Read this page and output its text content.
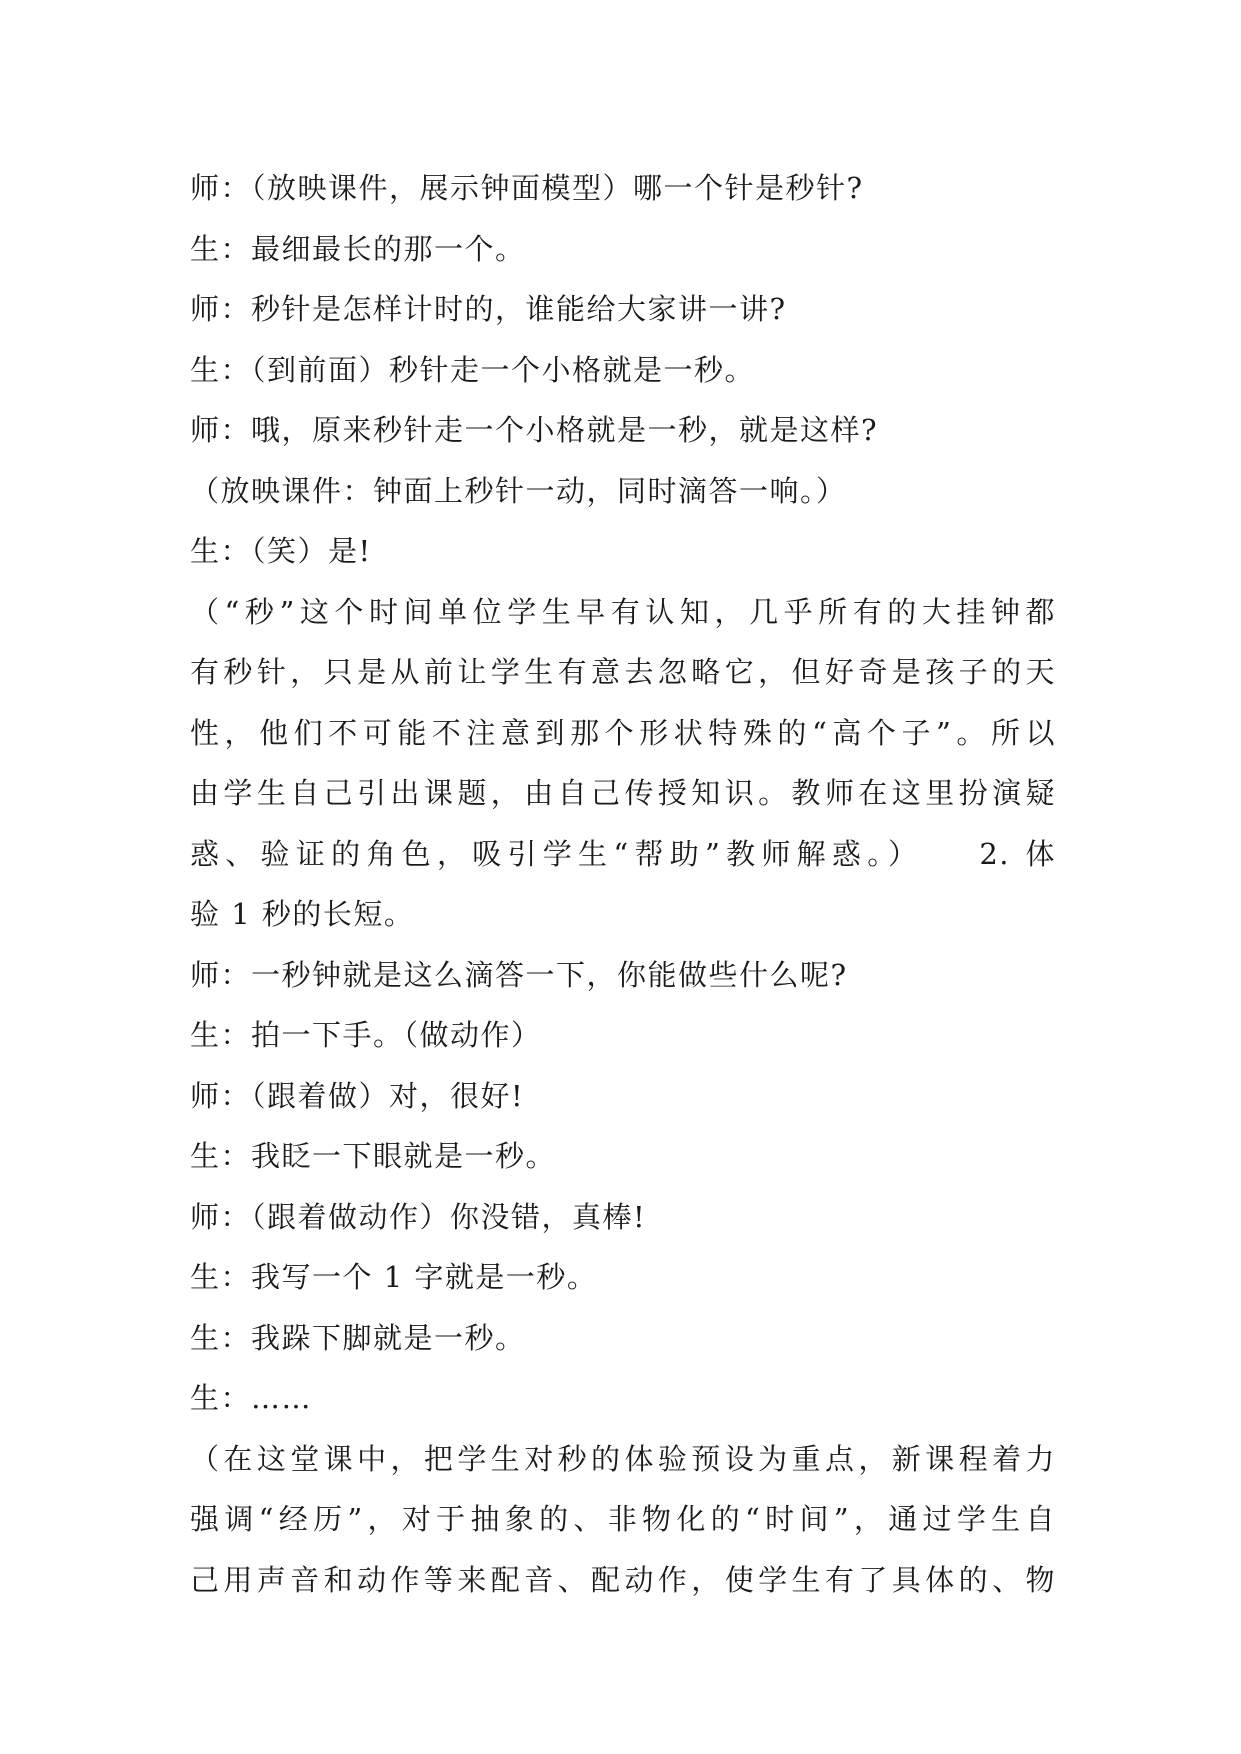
师：（放映课件，展示钟面模型）哪一个针是秒针?
生：最细最长的那一个。
师：秒针是怎样计时的，谁能给大家讲一讲?
生：（到前面）秒针走一个小格就是一秒。
师：哦，原来秒针走一个小格就是一秒，就是这样?
（放映课件：钟面上秒针一动，同时滴答一响。）
生：（笑）是!
（“秒”这个时间单位学生早有认知，几乎所有的大挂钟都
有秒针，只是从前让学生有意去忽略它，但好奇是孩子的天
性，他们不可能不注意到那个形状特殊的“高个子”。所以
由学生自己引出课题，由自己传授知识。教师在这里扮演疑
惑、验证的角色，吸引学生“帮助”教师解惑。）　　2. 体
验 1 秒的长短。
师：一秒钟就是这么滴答一下，你能做些什么呢?
生：拍一下手。（做动作）
师：（跟着做）对，很好!
生：我眨一下眼就是一秒。
师：（跟着做动作）你没错，真棒!
生：我写一个 1 字就是一秒。
生：我跺下脚就是一秒。
生：……
（在这堂课中，把学生对秒的体验预设为重点，新课程着力
强调“经历”，对于抽象的、非物化的“时间”，通过学生自
己用声音和动作等来配音、配动作，使学生有了具体的、物
